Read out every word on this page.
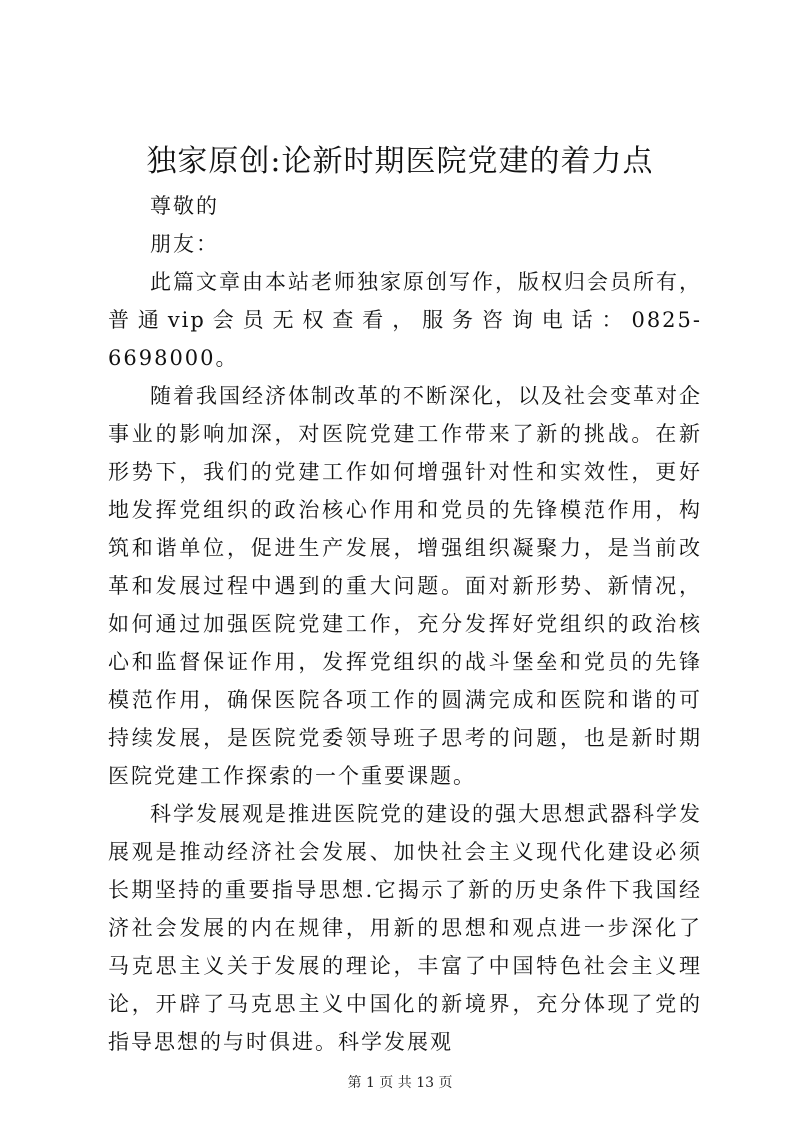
独家原创:论新时期医院党建的着力点

尊敬的

朋友：

此篇文章由本站老师独家原创写作，版权归会员所有，普通vip会员无权查看，服务咨询电话：0825-6698000。

随着我国经济体制改革的不断深化，以及社会变革对企事业的影响加深，对医院党建工作带来了新的挑战。在新形势下，我们的党建工作如何增强针对性和实效性，更好地发挥党组织的政治核心作用和党员的先锋模范作用，构筑和谐单位，促进生产发展，增强组织凝聚力，是当前改革和发展过程中遇到的重大问题。面对新形势、新情况，如何通过加强医院党建工作，充分发挥好党组织的政治核心和监督保证作用，发挥党组织的战斗堡垒和党员的先锋模范作用，确保医院各项工作的圆满完成和医院和谐的可持续发展，是医院党委领导班子思考的问题，也是新时期医院党建工作探索的一个重要课题。

科学发展观是推进医院党的建设的强大思想武器科学发展观是推动经济社会发展、加快社会主义现代化建设必须长期坚持的重要指导思想.它揭示了新的历史条件下我国经济社会发展的内在规律，用新的思想和观点进一步深化了马克思主义关于发展的理论，丰富了中国特色社会主义理论，开辟了马克思主义中国化的新境界，充分体现了党的指导思想的与时俱进。科学发展观

第 1 页 共 13 页
